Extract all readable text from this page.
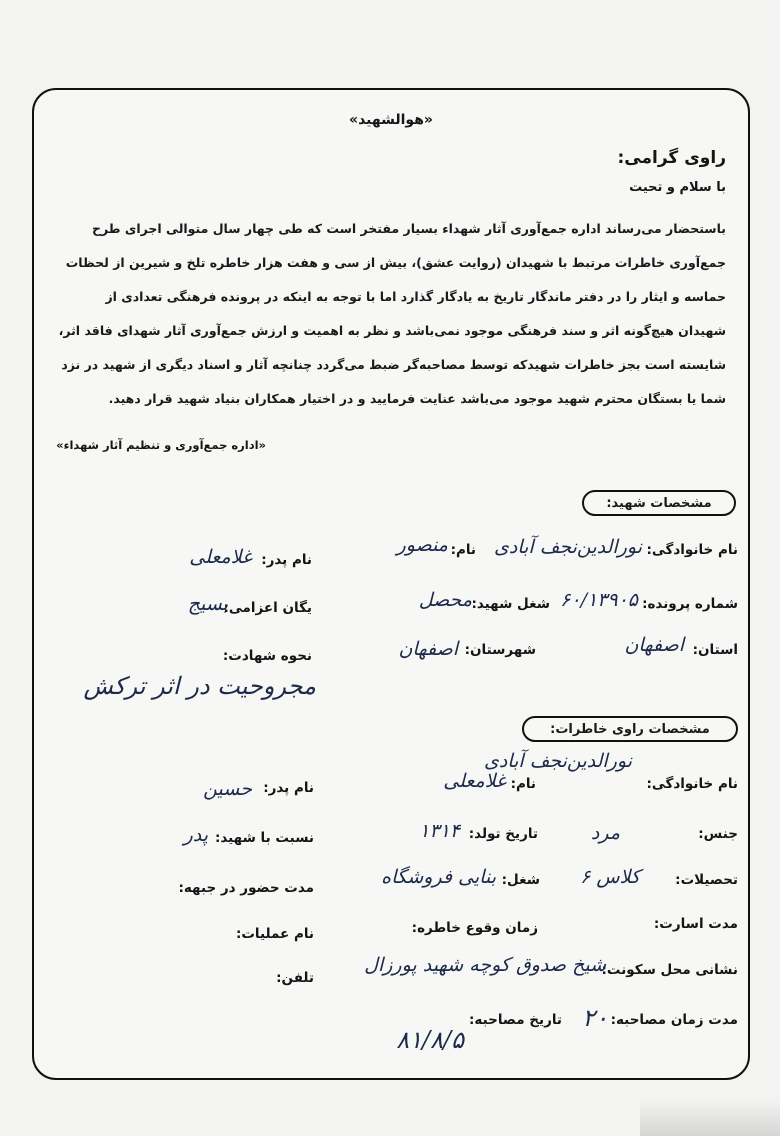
«هوالشهيد»
راوی گرامی:
با سلام و تحیت
باستحضار می‌رساند اداره جمع‌آوری آثار شهداء بسیار مفتخر است که طی چهار سال متوالی اجرای طرح
جمع‌آوری خاطرات مرتبط با شهیدان (روایت عشق)، بیش از سی و هفت هزار خاطره تلخ و شیرین از لحظات
حماسه و ایثار را در دفتر ماندگار تاریخ به یادگار گذارد اما با توجه به اینکه در پرونده فرهنگی تعدادی از
شهیدان هیچ‌گونه اثر و سند فرهنگی موجود نمی‌باشد و نظر به اهمیت و ارزش جمع‌آوری آثار شهدای فاقد اثر،
شایسته است بجز خاطرات شهیدکه توسط مصاحبه‌گر ضبط می‌گردد چنانچه آثار و اسناد دیگری از شهید در نزد
شما یا بستگان محترم شهید موجود می‌باشد عنایت فرمایید و در اختیار همکاران بنیاد شهید قرار دهید.
«اداره جمع‌آوری و تنظیم آثار شهداء»
مشخصات شهید:
نام خانوادگی:
نورالدین‌نجف آبادی
نام:
منصور
نام پدر:
غلامعلی
شماره پرونده:
۶۰/۱۳۹۰۵
شغل شهید:
محصل
یگان اعزامی:
بسیج
استان:
اصفهان
شهرستان:
اصفهان
نحوه شهادت:
مجروحیت در اثر ترکش
مشخصات راوی خاطرات:
نام خانوادگی:
نورالدین‌نجف آبادی
نام:
غلامعلی
نام پدر:
حسین
جنس:
مرد
تاریخ تولد:
۱۳۱۴
نسبت با شهید:
پدر
تحصیلات:
کلاس ۶
شغل:
بنایی فروشگاه
مدت حضور در جبهه:
مدت اسارت:
زمان وقوع خاطره:
نام عملیات:
نشانی محل سکونت:
شیخ صدوق کوچه شهید پورزال
تلفن:
مدت زمان مصاحبه:
۲۰
تاریخ مصاحبه:
۸۱/۸/۵
